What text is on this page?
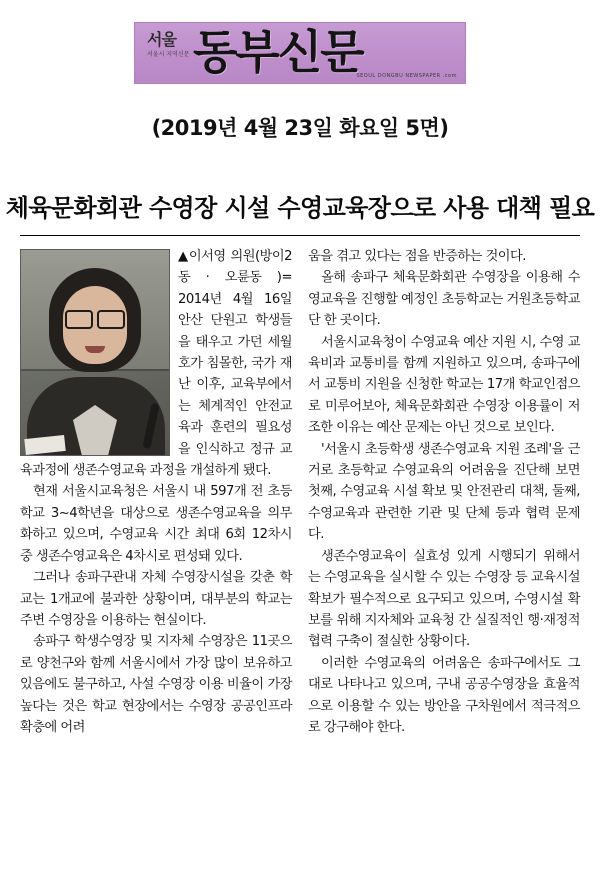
서울
서울시 지역신문 동부신문
SEOUL DONGBU NEWSPAPER .com
(2019년 4월 23일 화요일 5면)
체육문화회관 수영장 시설 수영교육장으로 사용 대책 필요

▲이서영 의원(방이2동 · 오륜동 )= 2014년 4월 16일 안산 단원고 학생들을 태우고 가던 세월호가 침몰한, 국가 재난 이후, 교육부에서는 체계적인 안전교육과 훈련의 필요성을 인식하고 정규 교육과정에 생존수영교육 과정을 개설하게 됐다.

현재 서울시교육청은 서울시 내 597개 전 초등학교 3~4학년을 대상으로 생존수영교육을 의무화하고 있으며, 수영교육 시간 최대 6회 12차시 중 생존수영교육은 4차시로 편성돼 있다.

그러나 송파구관내 자체 수영장시설을 갖춘 학교는 1개교에 불과한 상황이며, 대부분의 학교는 주변 수영장을 이용하는 현실이다.

송파구 학생수영장 및 지자체 수영장은 11곳으로 양천구와 함께 서울시에서 가장 많이 보유하고 있음에도 불구하고, 사설 수영장 이용 비율이 가장 높다는 것은 학교 현장에서는 수영장 공공인프라 확충에 어려

움을 겪고 있다는 점을 반증하는 것이다.

올해 송파구 체육문화회관 수영장을 이용해 수영교육을 진행할 예정인 초등학교는 거원초등학교 단 한 곳이다.

서울시교육청이 수영교육 예산 지원 시, 수영 교육비과 교통비를 함께 지원하고 있으며, 송파구에서 교통비 지원을 신청한 학교는 17개 학교인점으로 미루어보아, 체육문화회관 수영장 이용률이 저조한 이유는 예산 문제는 아닌 것으로 보인다.

'서울시 초등학생 생존수영교육 지원 조례'을 근거로 초등학교 수영교육의 어려움을 진단해 보면 첫째, 수영교육 시설 확보 및 안전관리 대책, 둘째, 수영교육과 관련한 기관 및 단체 등과 협력 문제다.

생존수영교육이 실효성 있게 시행되기 위해서는 수영교육을 실시할 수 있는 수영장 등 교육시설 확보가 필수적으로 요구되고 있으며, 수영시설 확보를 위해 지자체와 교육청 간 실질적인 행·재정적 협력 구축이 절실한 상황이다.

이러한 수영교육의 어려움은 송파구에서도 그대로 나타나고 있으며, 구내 공공수영장을 효율적으로 이용할 수 있는 방안을 구차원에서 적극적으로 강구해야 한다.
